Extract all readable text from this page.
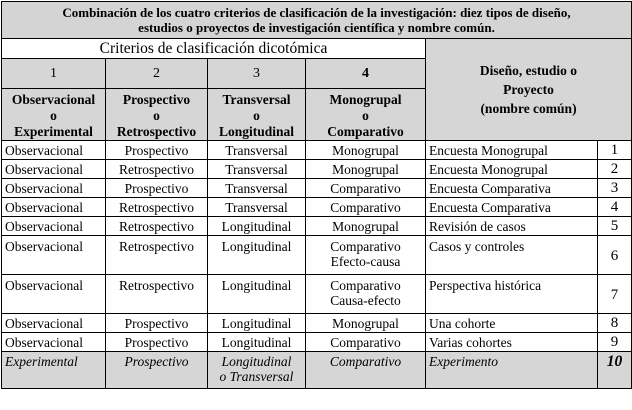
Combinación de los cuatro criterios de clasificación de la investigación: diez tipos de diseño,
estudios o proyectos de investigación científica y nombre común.					
Criterios de clasificación dicotómica				Diseño, estudio o
Proyecto
(nombre común)	
1	2	3	4		
Observacional
o
Experimental	Prospectivo
o
Retrospectivo	Transversal
o
Longitudinal	Monogrupal
o
Comparativo		
Observacional	Prospectivo	Transversal	Monogrupal	Encuesta Monogrupal	1
Observacional	Retrospectivo	Transversal	Monogrupal	Encuesta Monogrupal	2
Observacional	Prospectivo	Transversal	Comparativo	Encuesta Comparativa	3
Observacional	Retrospectivo	Transversal	Comparativo	Encuesta Comparativa	4
Observacional	Retrospectivo	Longitudinal	Monogrupal	Revisión de casos	5
Observacional	Retrospectivo	Longitudinal	Comparativo
Efecto-causa	Casos y controles	6
Observacional	Retrospectivo	Longitudinal	Comparativo
Causa-efecto	Perspectiva histórica	7
Observacional	Prospectivo	Longitudinal	Monogrupal	Una cohorte	8
Observacional	Prospectivo	Longitudinal	Comparativo	Varias cohortes	9
Experimental	Prospectivo	Longitudinal
o Transversal	Comparativo	Experimento	10
